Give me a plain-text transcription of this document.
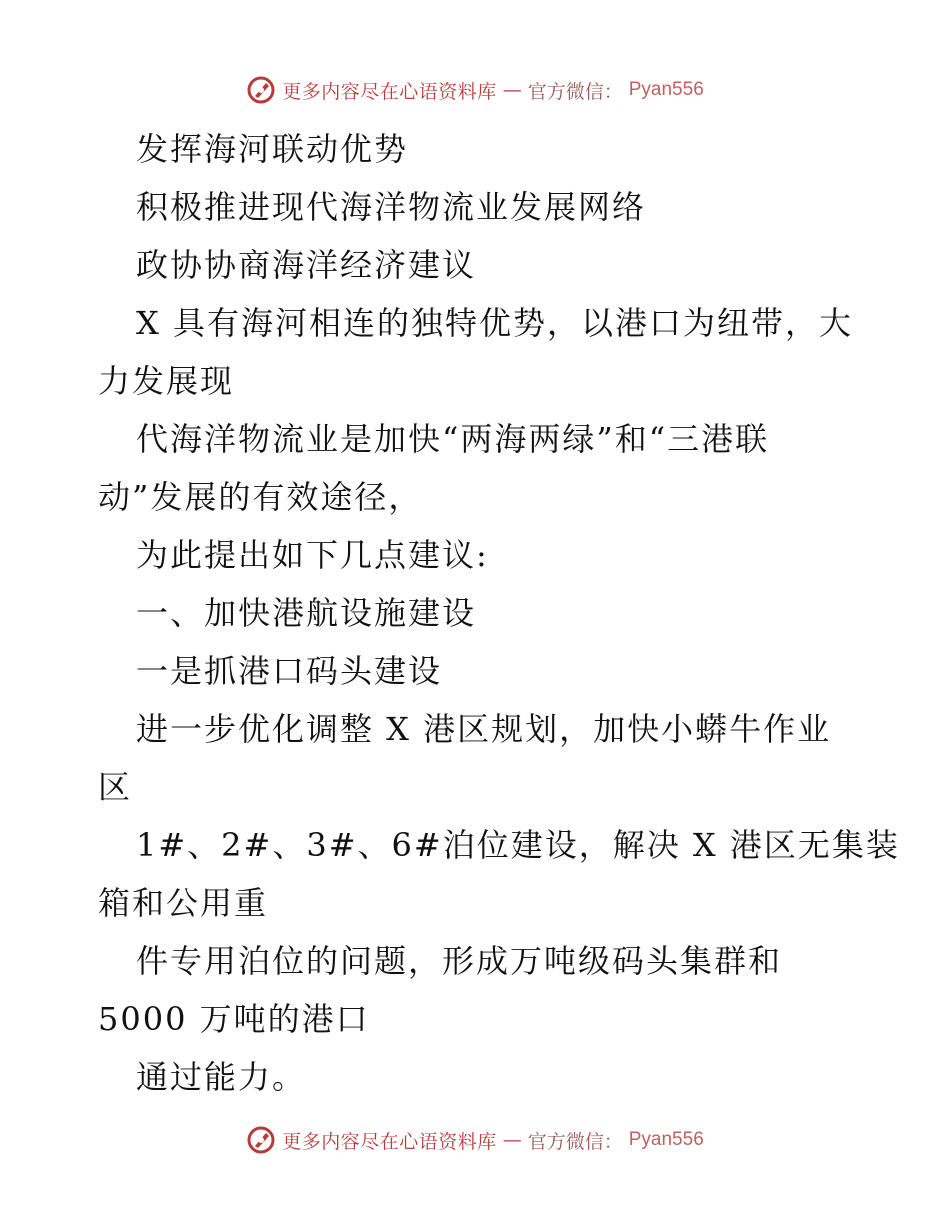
更多内容尽在心语资料库 — 官方微信： Pyan556
发挥海河联动优势
积极推进现代海洋物流业发展网络
政协协商海洋经济建议
X 具有海河相连的独特优势，以港口为纽带，大
力发展现
代海洋物流业是加快“两海两绿”和“三港联
动”发展的有效途径，
为此提出如下几点建议:
一、加快港航设施建设
一是抓港口码头建设
进一步优化调整 X 港区规划，加快小蟒牛作业
区
1#、2#、3#、6#泊位建设，解决 X 港区无集装
箱和公用重
件专用泊位的问题，形成万吨级码头集群和
5000 万吨的港口
通过能力。
更多内容尽在心语资料库 — 官方微信： Pyan556
